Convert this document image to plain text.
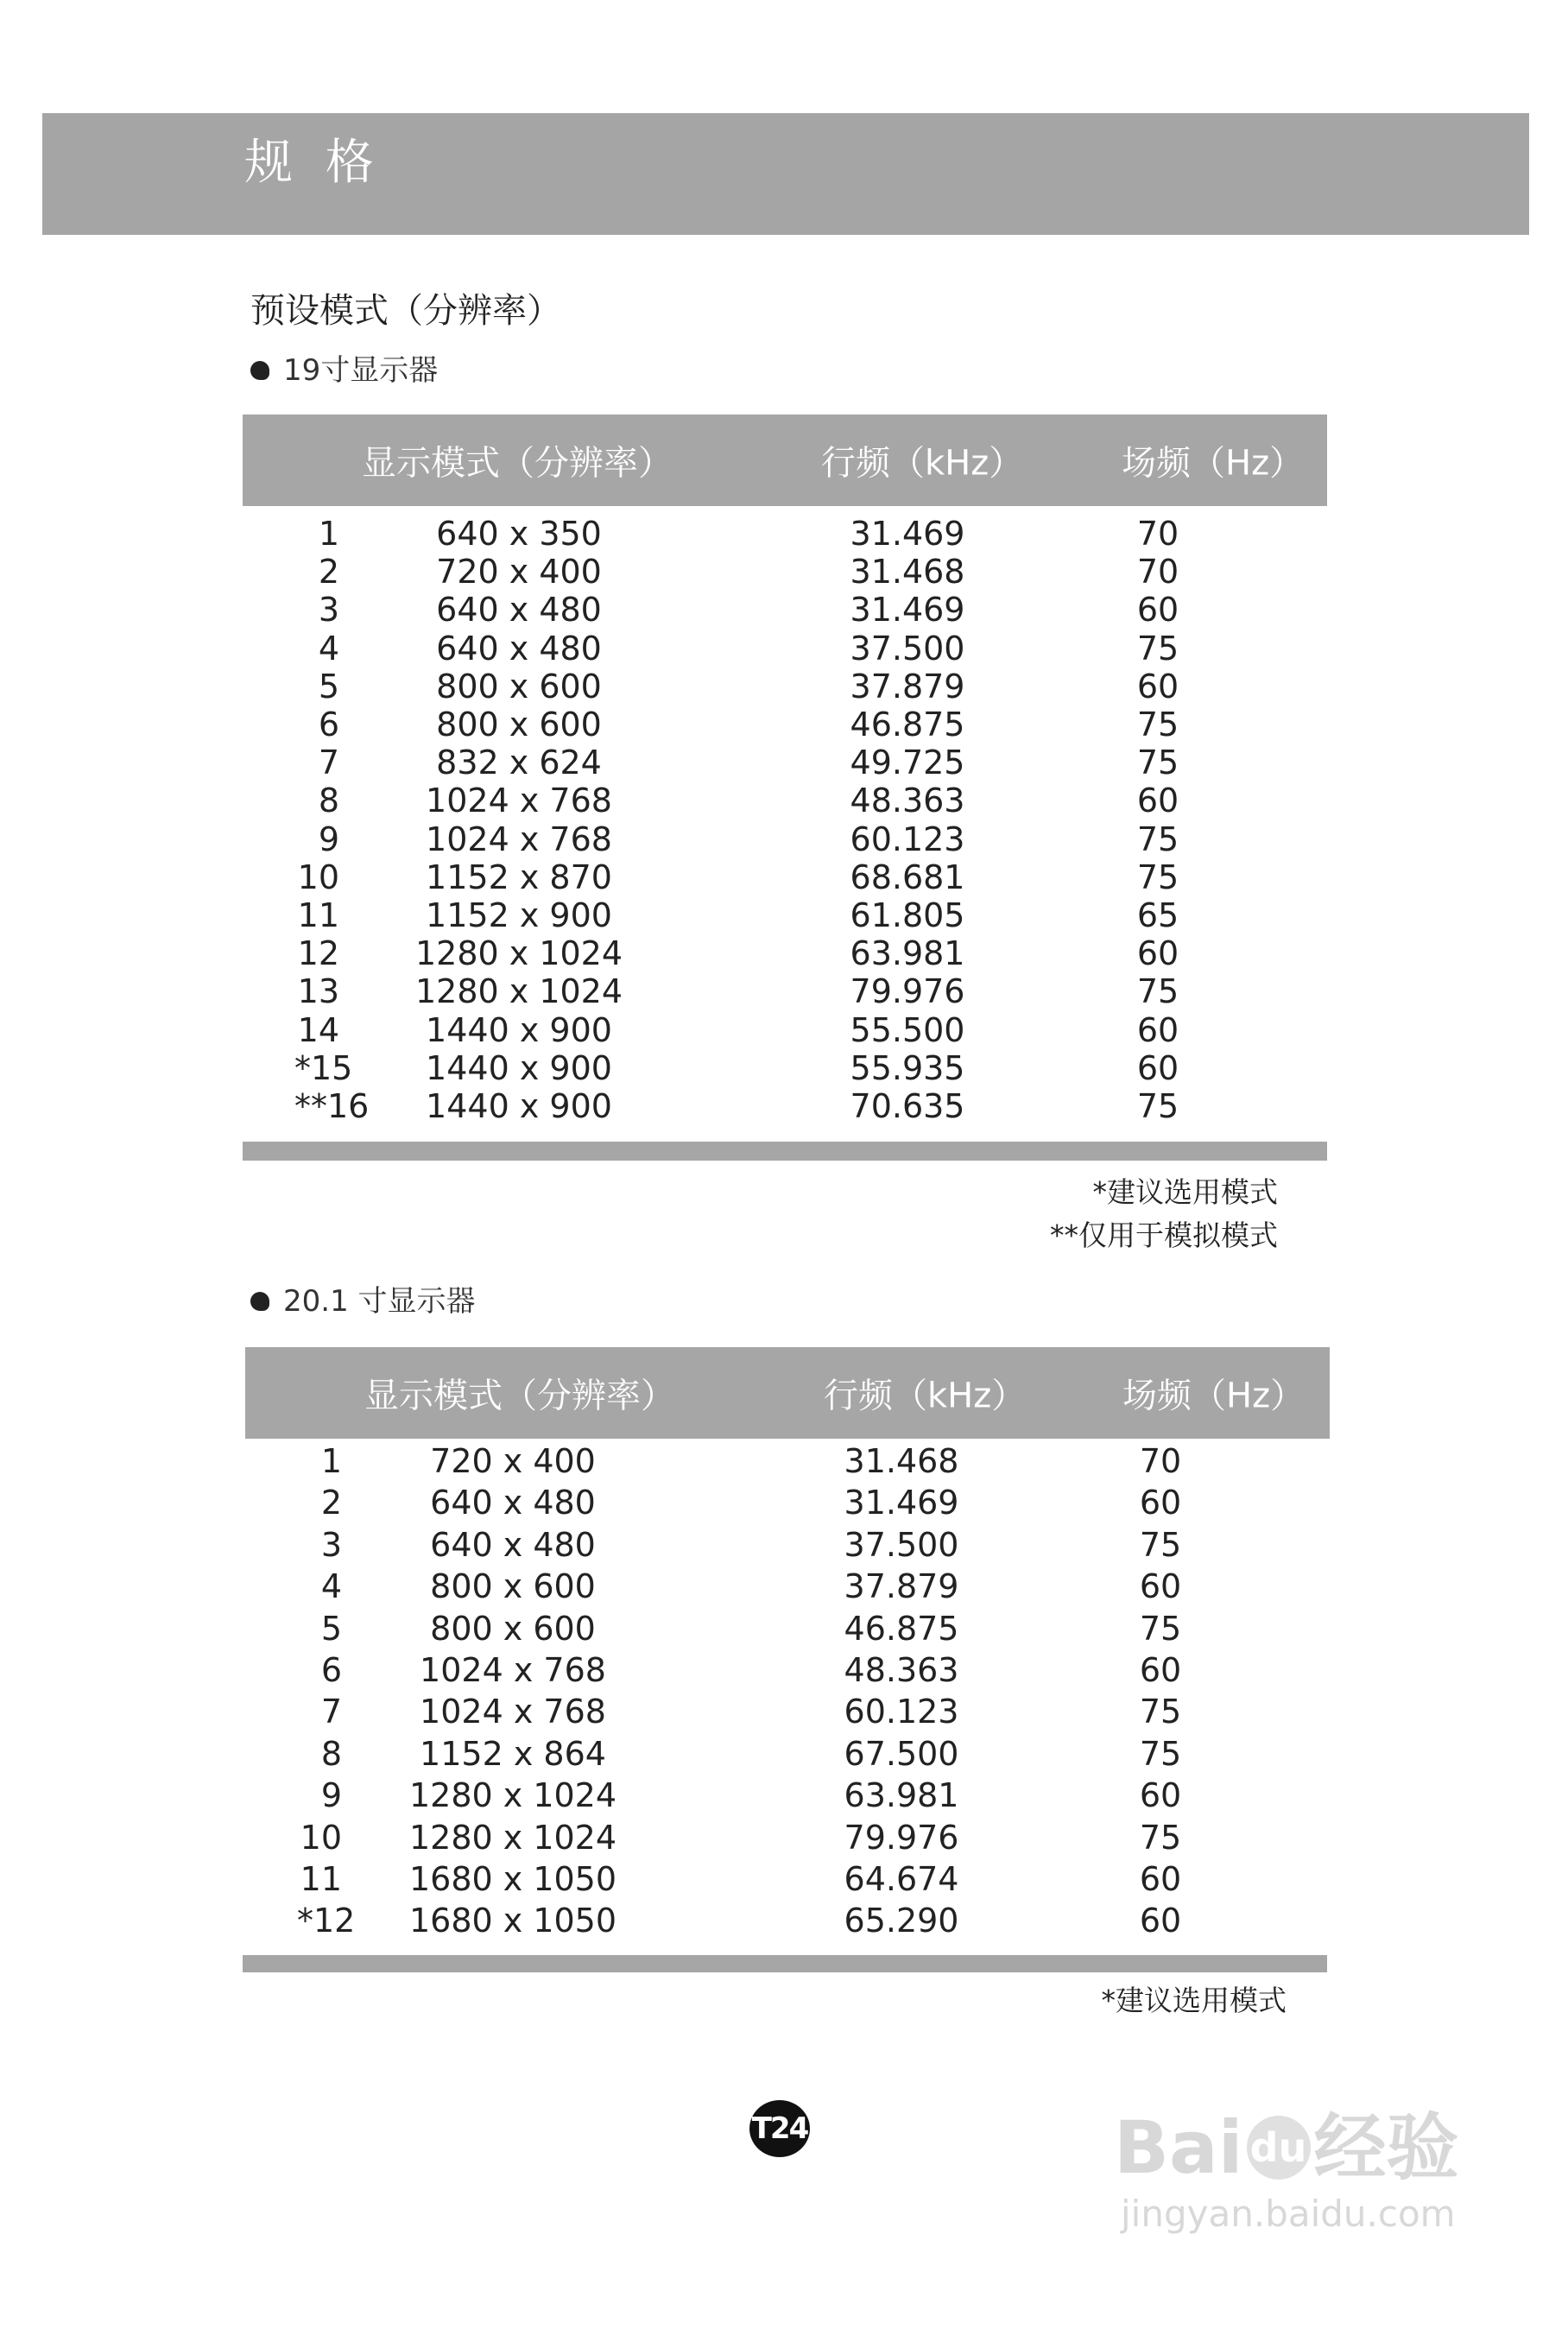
规 格
预设模式（分辨率）
19寸显示器
显示模式（分辨率）	行频（kHz）	场频（Hz）
1	640 x 350	31.469	70
2	720 x 400	31.468	70
3	640 x 480	31.469	60
4	640 x 480	37.500	75
5	800 x 600	37.879	60
6	800 x 600	46.875	75
7	832 x 624	49.725	75
8	1024 x 768	48.363	60
9	1024 x 768	60.123	75
10	1152 x 870	68.681	75
11	1152 x 900	61.805	65
12	1280 x 1024	63.981	60
13	1280 x 1024	79.976	75
14	1440 x 900	55.500	60
*15	1440 x 900	55.935	60
**16	1440 x 900	70.635	75
*建议选用模式
**仅用于模拟模式
20.1 寸显示器
显示模式（分辨率）	行频（kHz）	场频（Hz）
1	720 x 400	31.468	70
2	640 x 480	31.469	60
3	640 x 480	37.500	75
4	800 x 600	37.879	60
5	800 x 600	46.875	75
6	1024 x 768	48.363	60
7	1024 x 768	60.123	75
8	1152 x 864	67.500	75
9	1280 x 1024	63.981	60
10	1280 x 1024	79.976	75
11	1680 x 1050	64.674	60
*12	1680 x 1050	65.290	60
*建议选用模式
T24	Bai du 经验
jingyan.baidu.com
